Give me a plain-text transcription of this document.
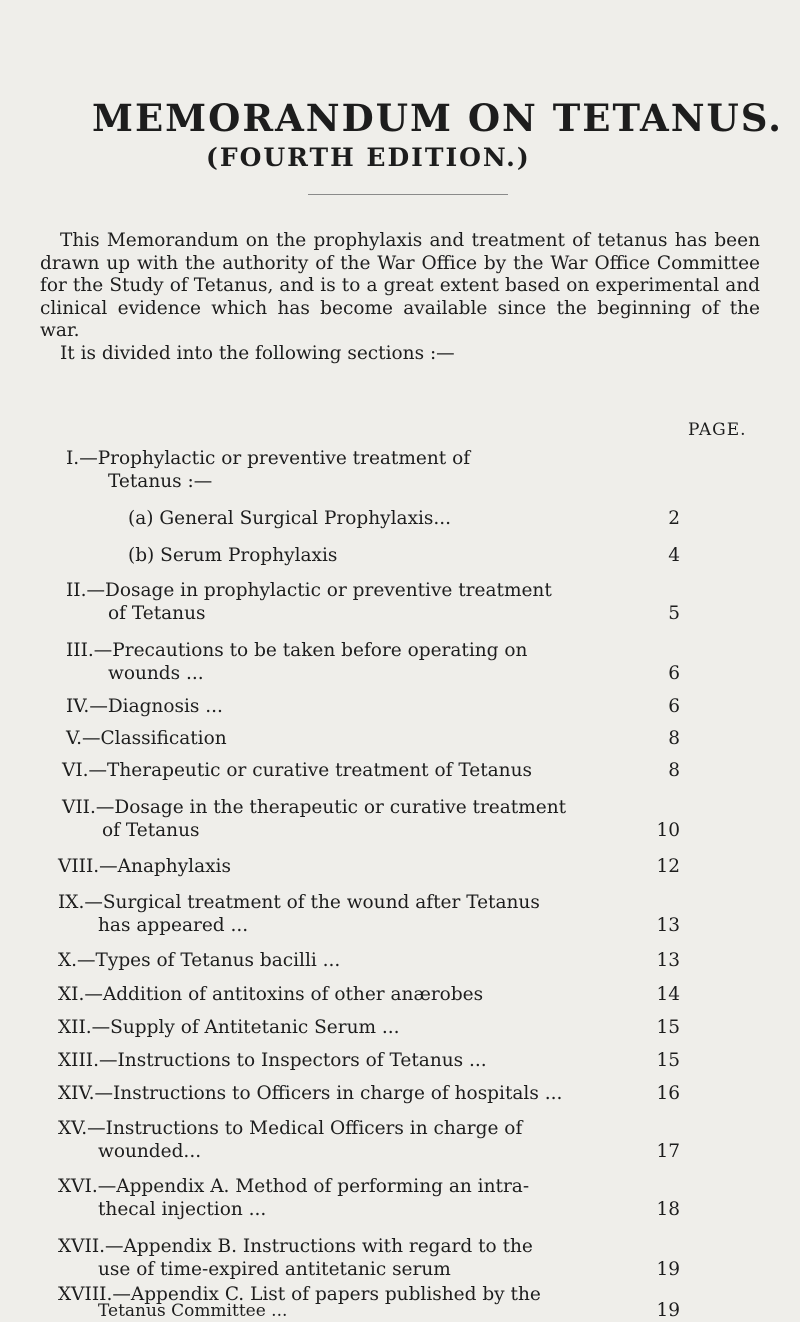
MEMORANDUM ON TETANUS.
(FOURTH EDITION.)

This Memorandum on the prophylaxis and treatment of tetanus has been drawn up with the authority of the War Office by the War Office Committee for the Study of Tetanus, and is to a great extent based on experimental and clinical evidence which has become available since the beginning of the war.

It is divided into the following sections :—

PAGE.
I.—Prophylactic or preventive treatment of
Tetanus :—
(a) General Surgical Prophylaxis...	2
(b) Serum Prophylaxis	4
II.—Dosage in prophylactic or preventive treatment
of Tetanus	5
III.—Precautions to be taken before operating on
wounds ...	6
IV.—Diagnosis ...	6
V.—Classification	8
VI.—Therapeutic or curative treatment of Tetanus	8
VII.—Dosage in the therapeutic or curative treatment
of Tetanus	10
VIII.—Anaphylaxis	12
IX.—Surgical treatment of the wound after Tetanus
has appeared ...	13
X.—Types of Tetanus bacilli ...	13
XI.—Addition of antitoxins of other anærobes	14
XII.—Supply of Antitetanic Serum ...	15
XIII.—Instructions to Inspectors of Tetanus ...	15
XIV.—Instructions to Officers in charge of hospitals ...	16
XV.—Instructions to Medical Officers in charge of
wounded...	17
XVI.—Appendix A. Method of performing an intra-
thecal injection ...	18
XVII.—Appendix B. Instructions with regard to the
use of time-expired antitetanic serum	19
XVIII.—Appendix C. List of papers published by the
Tetanus Committee ...	19
